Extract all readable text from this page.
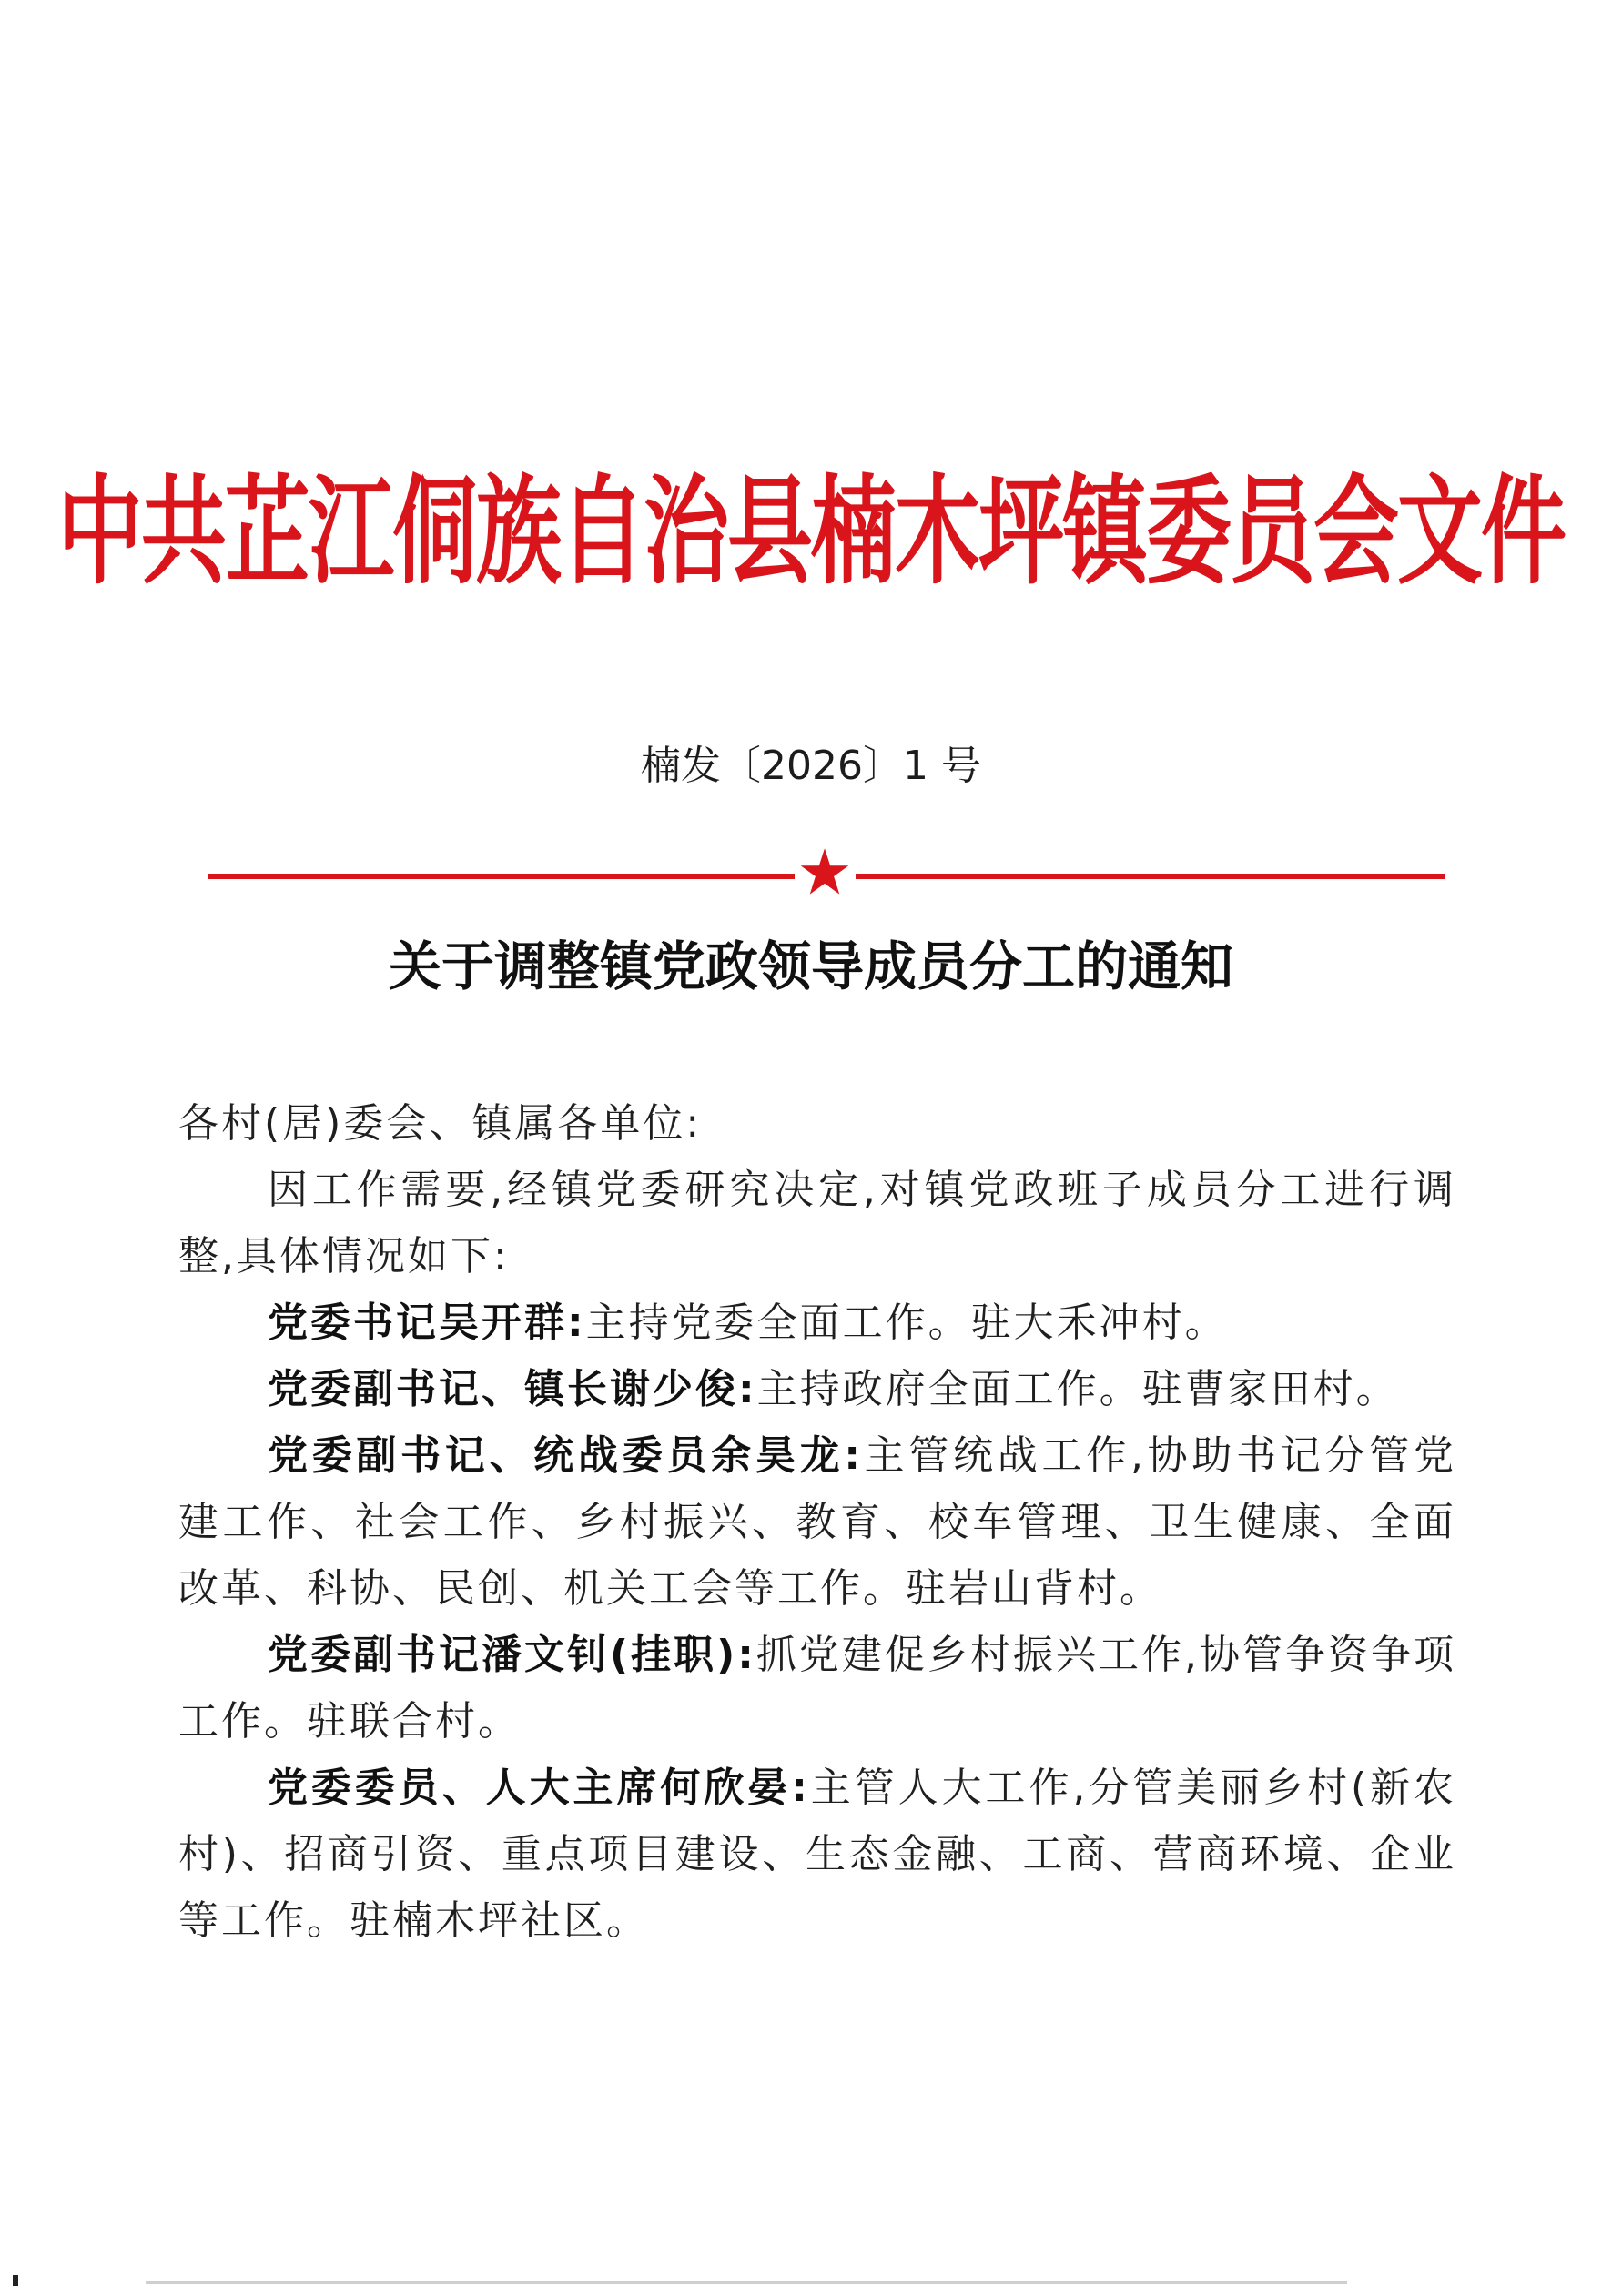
中共芷江侗族自治县楠木坪镇委员会文件
楠发〔2026〕1 号
关于调整镇党政领导成员分工的通知

各村(居)委会、镇属各单位:

因工作需要,经镇党委研究决定,对镇党政班子成员分工进行调整,具体情况如下:

党委书记吴开群:主持党委全面工作。驻大禾冲村。

党委副书记、镇长谢少俊:主持政府全面工作。驻曹家田村。

党委副书记、统战委员余昊龙:主管统战工作,协助书记分管党建工作、社会工作、乡村振兴、教育、校车管理、卫生健康、全面改革、科协、民创、机关工会等工作。驻岩山背村。

党委副书记潘文钊(挂职):抓党建促乡村振兴工作,协管争资争项工作。驻联合村。

党委委员、人大主席何欣晏:主管人大工作,分管美丽乡村(新农村)、招商引资、重点项目建设、生态金融、工商、营商环境、企业等工作。驻楠木坪社区。
